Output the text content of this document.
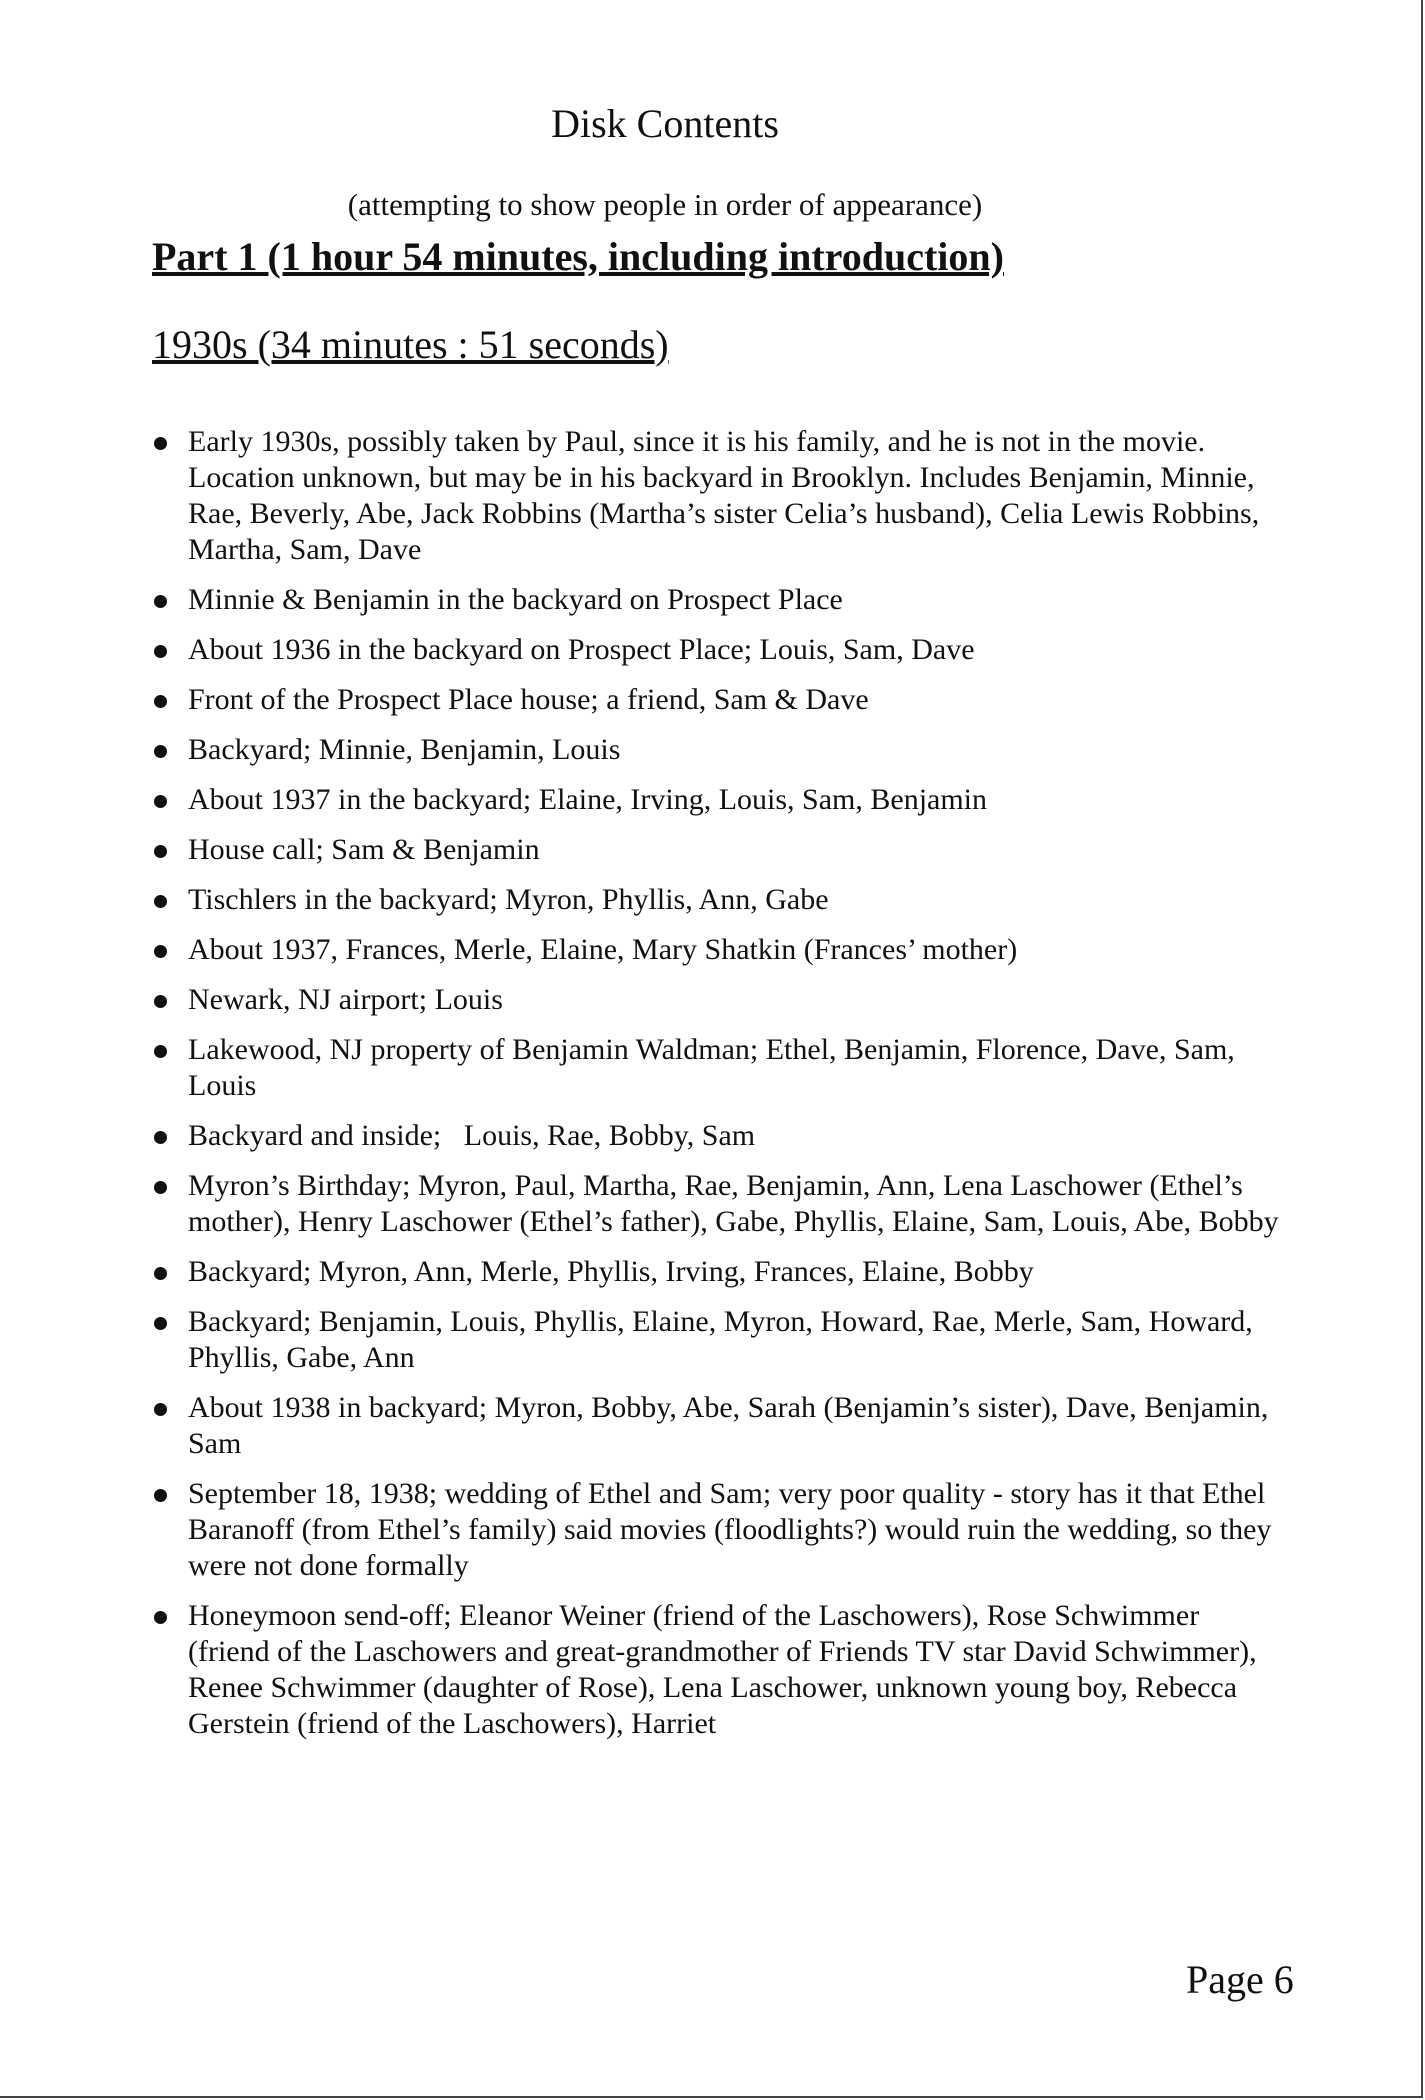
Disk Contents

(attempting to show people in order of appearance)

Part 1 (1 hour 54 minutes, including introduction)
1930s (34 minutes : 51 seconds)
Early 1930s, possibly taken by Paul, since it is his family, and he is not in the movie. Location unknown, but may be in his backyard in Brooklyn. Includes Benjamin, Minnie, Rae, Beverly, Abe, Jack Robbins (Martha’s sister Celia’s husband), Celia Lewis Robbins, Martha, Sam, Dave
Minnie & Benjamin in the backyard on Prospect Place
About 1936 in the backyard on Prospect Place; Louis, Sam, Dave
Front of the Prospect Place house; a friend, Sam & Dave
Backyard; Minnie, Benjamin, Louis
About 1937 in the backyard; Elaine, Irving, Louis, Sam, Benjamin
House call; Sam & Benjamin
Tischlers in the backyard; Myron, Phyllis, Ann, Gabe
About 1937, Frances, Merle, Elaine, Mary Shatkin (Frances’ mother)
Newark, NJ airport; Louis
Lakewood, NJ property of Benjamin Waldman; Ethel, Benjamin, Florence, Dave, Sam, Louis
Backyard and inside;   Louis, Rae, Bobby, Sam
Myron’s Birthday; Myron, Paul, Martha, Rae, Benjamin, Ann, Lena Laschower (Ethel’s mother), Henry Laschower (Ethel’s father), Gabe, Phyllis, Elaine, Sam, Louis, Abe, Bobby
Backyard; Myron, Ann, Merle, Phyllis, Irving, Frances, Elaine, Bobby
Backyard; Benjamin, Louis, Phyllis, Elaine, Myron, Howard, Rae, Merle, Sam, Howard, Phyllis, Gabe, Ann
About 1938 in backyard; Myron, Bobby, Abe, Sarah (Benjamin’s sister), Dave, Benjamin, Sam
September 18, 1938; wedding of Ethel and Sam; very poor quality - story has it that Ethel Baranoff (from Ethel’s family) said movies (floodlights?) would ruin the wedding, so they were not done formally
Honeymoon send-off; Eleanor Weiner (friend of the Laschowers), Rose Schwimmer (friend of the Laschowers and great-grandmother of Friends TV star David Schwimmer), Renee Schwimmer (daughter of Rose), Lena Laschower, unknown young boy, Rebecca Gerstein (friend of the Laschowers), Harriet

Page 6
